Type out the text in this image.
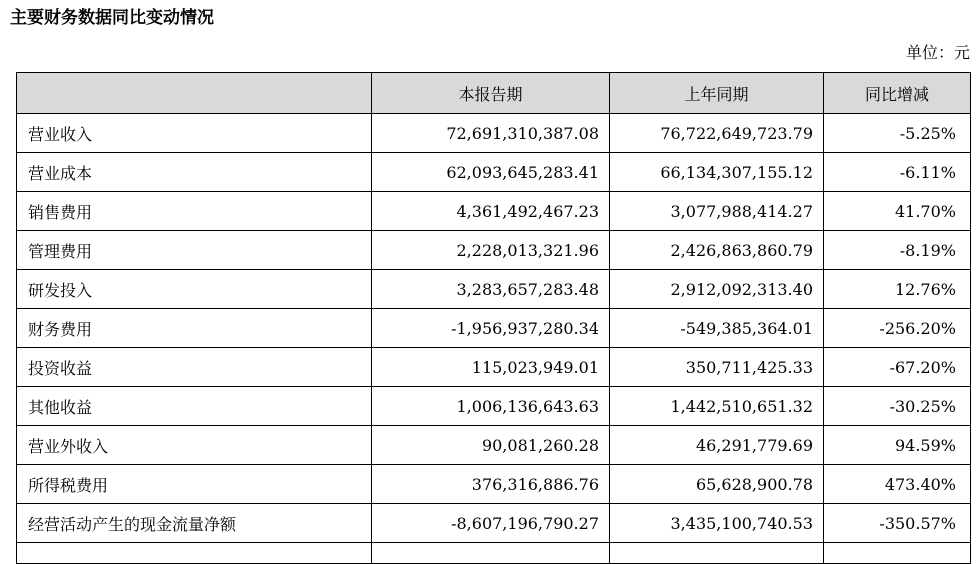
主要财务数据同比变动情况
单位：元
	本报告期	上年同期	同比增减
营业收入	72,691,310,387.08	76,722,649,723.79	-5.25%
营业成本	62,093,645,283.41	66,134,307,155.12	-6.11%
销售费用	4,361,492,467.23	3,077,988,414.27	41.70%
管理费用	2,228,013,321.96	2,426,863,860.79	-8.19%
研发投入	3,283,657,283.48	2,912,092,313.40	12.76%
财务费用	-1,956,937,280.34	-549,385,364.01	-256.20%
投资收益	115,023,949.01	350,711,425.33	-67.20%
其他收益	1,006,136,643.63	1,442,510,651.32	-30.25%
营业外收入	90,081,260.28	46,291,779.69	94.59%
所得税费用	376,316,886.76	65,628,900.78	473.40%
经营活动产生的现金流量净额	-8,607,196,790.27	3,435,100,740.53	-350.57%
